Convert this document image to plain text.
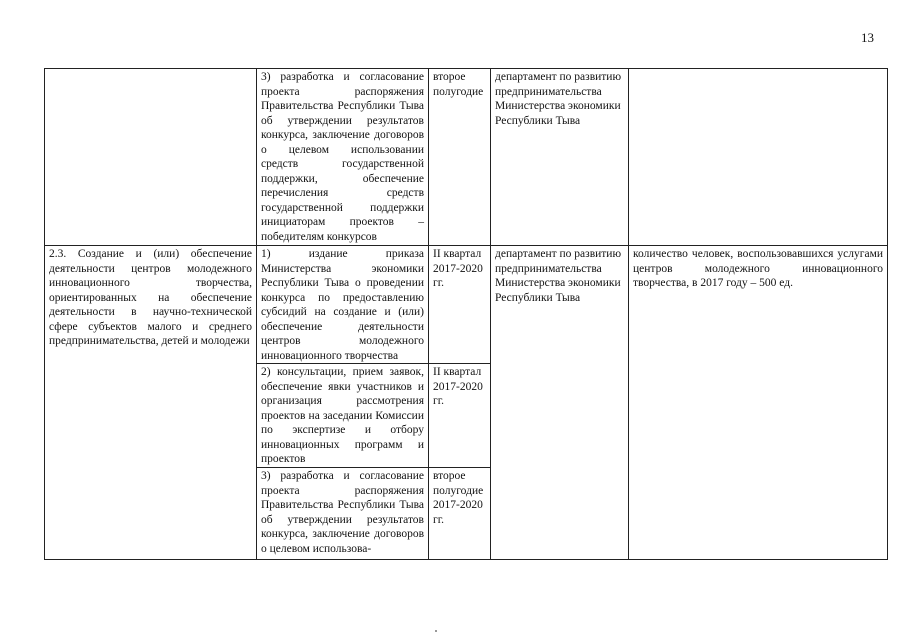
13
	3) разработка и согласование проекта распоряжения Правительства Республики Тыва об утверждении результатов конкурса, заключение договоров о целевом использовании средств государственной поддержки, обеспечение перечисления средств государственной поддержки инициаторам проектов – победителям конкурсов	второе полугодие	департамент по развитию предпринимательства Министерства экономики Республики Тыва	
2.3. Создание и (или) обеспечение деятельности центров молодежного инновационного творчества, ориентированных на обеспечение деятельности в научно-технической сфере субъектов малого и среднего предпринимательства, детей и молодежи	1) издание приказа Министерства экономики Республики Тыва о проведении конкурса по предоставлению субсидий на создание и (или) обеспечение деятельности центров молодежного инновационного творчества	II квартал 2017-2020 гг.	департамент по развитию предпринимательства Министерства экономики Республики Тыва	количество человек, воспользовавшихся услугами центров молодежного инновационного творчества, в 2017 году – 500 ед.
	2) консультации, прием заявок, обеспечение явки участников и организация рассмотрения проектов на заседании Комиссии по экспертизе и отбору инновационных программ и проектов	II квартал 2017-2020 гг.		
	3) разработка и согласование проекта распоряжения Правительства Республики Тыва об утверждении результатов конкурса, заключение договоров о целевом использова-	второе полугодие 2017-2020 гг.		
